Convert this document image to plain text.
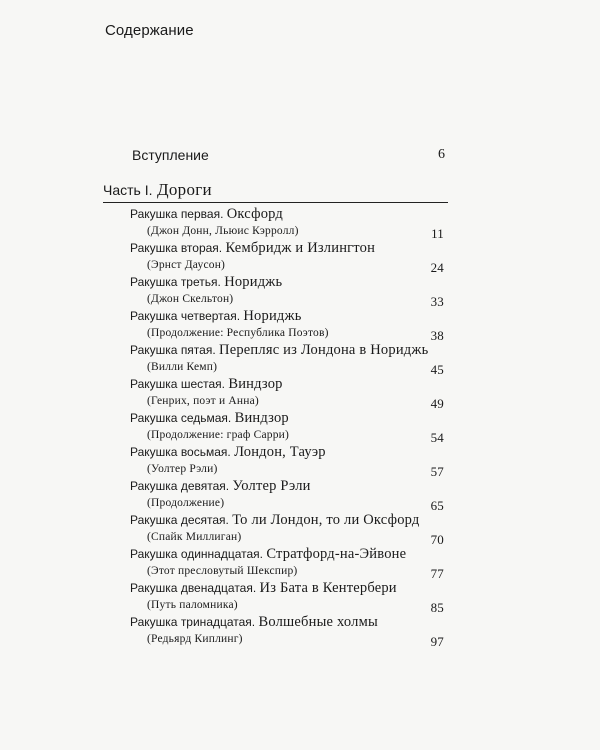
Содержание
Вступление	6
Часть I. Дороги
Ракушка первая. Оксфорд
(Джон Донн, Льюис Кэрролл)	11
Ракушка вторая. Кембридж и Излингтон
(Эрнст Даусон)	24
Ракушка третья. Нориджь
(Джон Скельтон)	33
Ракушка четвертая. Нориджь
(Продолжение: Республика Поэтов)	38
Ракушка пятая. Перепляс из Лондона в Нориджь
(Вилли Кемп)	45
Ракушка шестая. Виндзор
(Генрих, поэт и Анна)	49
Ракушка седьмая. Виндзор
(Продолжение: граф Сарри)	54
Ракушка восьмая. Лондон, Тауэр
(Уолтер Рэли)	57
Ракушка девятая. Уолтер Рэли
(Продолжение)	65
Ракушка десятая. То ли Лондон, то ли Оксфорд
(Спайк Миллиган)	70
Ракушка одиннадцатая. Стратфорд-на-Эйвоне
(Этот пресловутый Шекспир)	77
Ракушка двенадцатая. Из Бата в Кентербери
(Путь паломника)	85
Ракушка тринадцатая. Волшебные холмы
(Редьярд Киплинг)	97
